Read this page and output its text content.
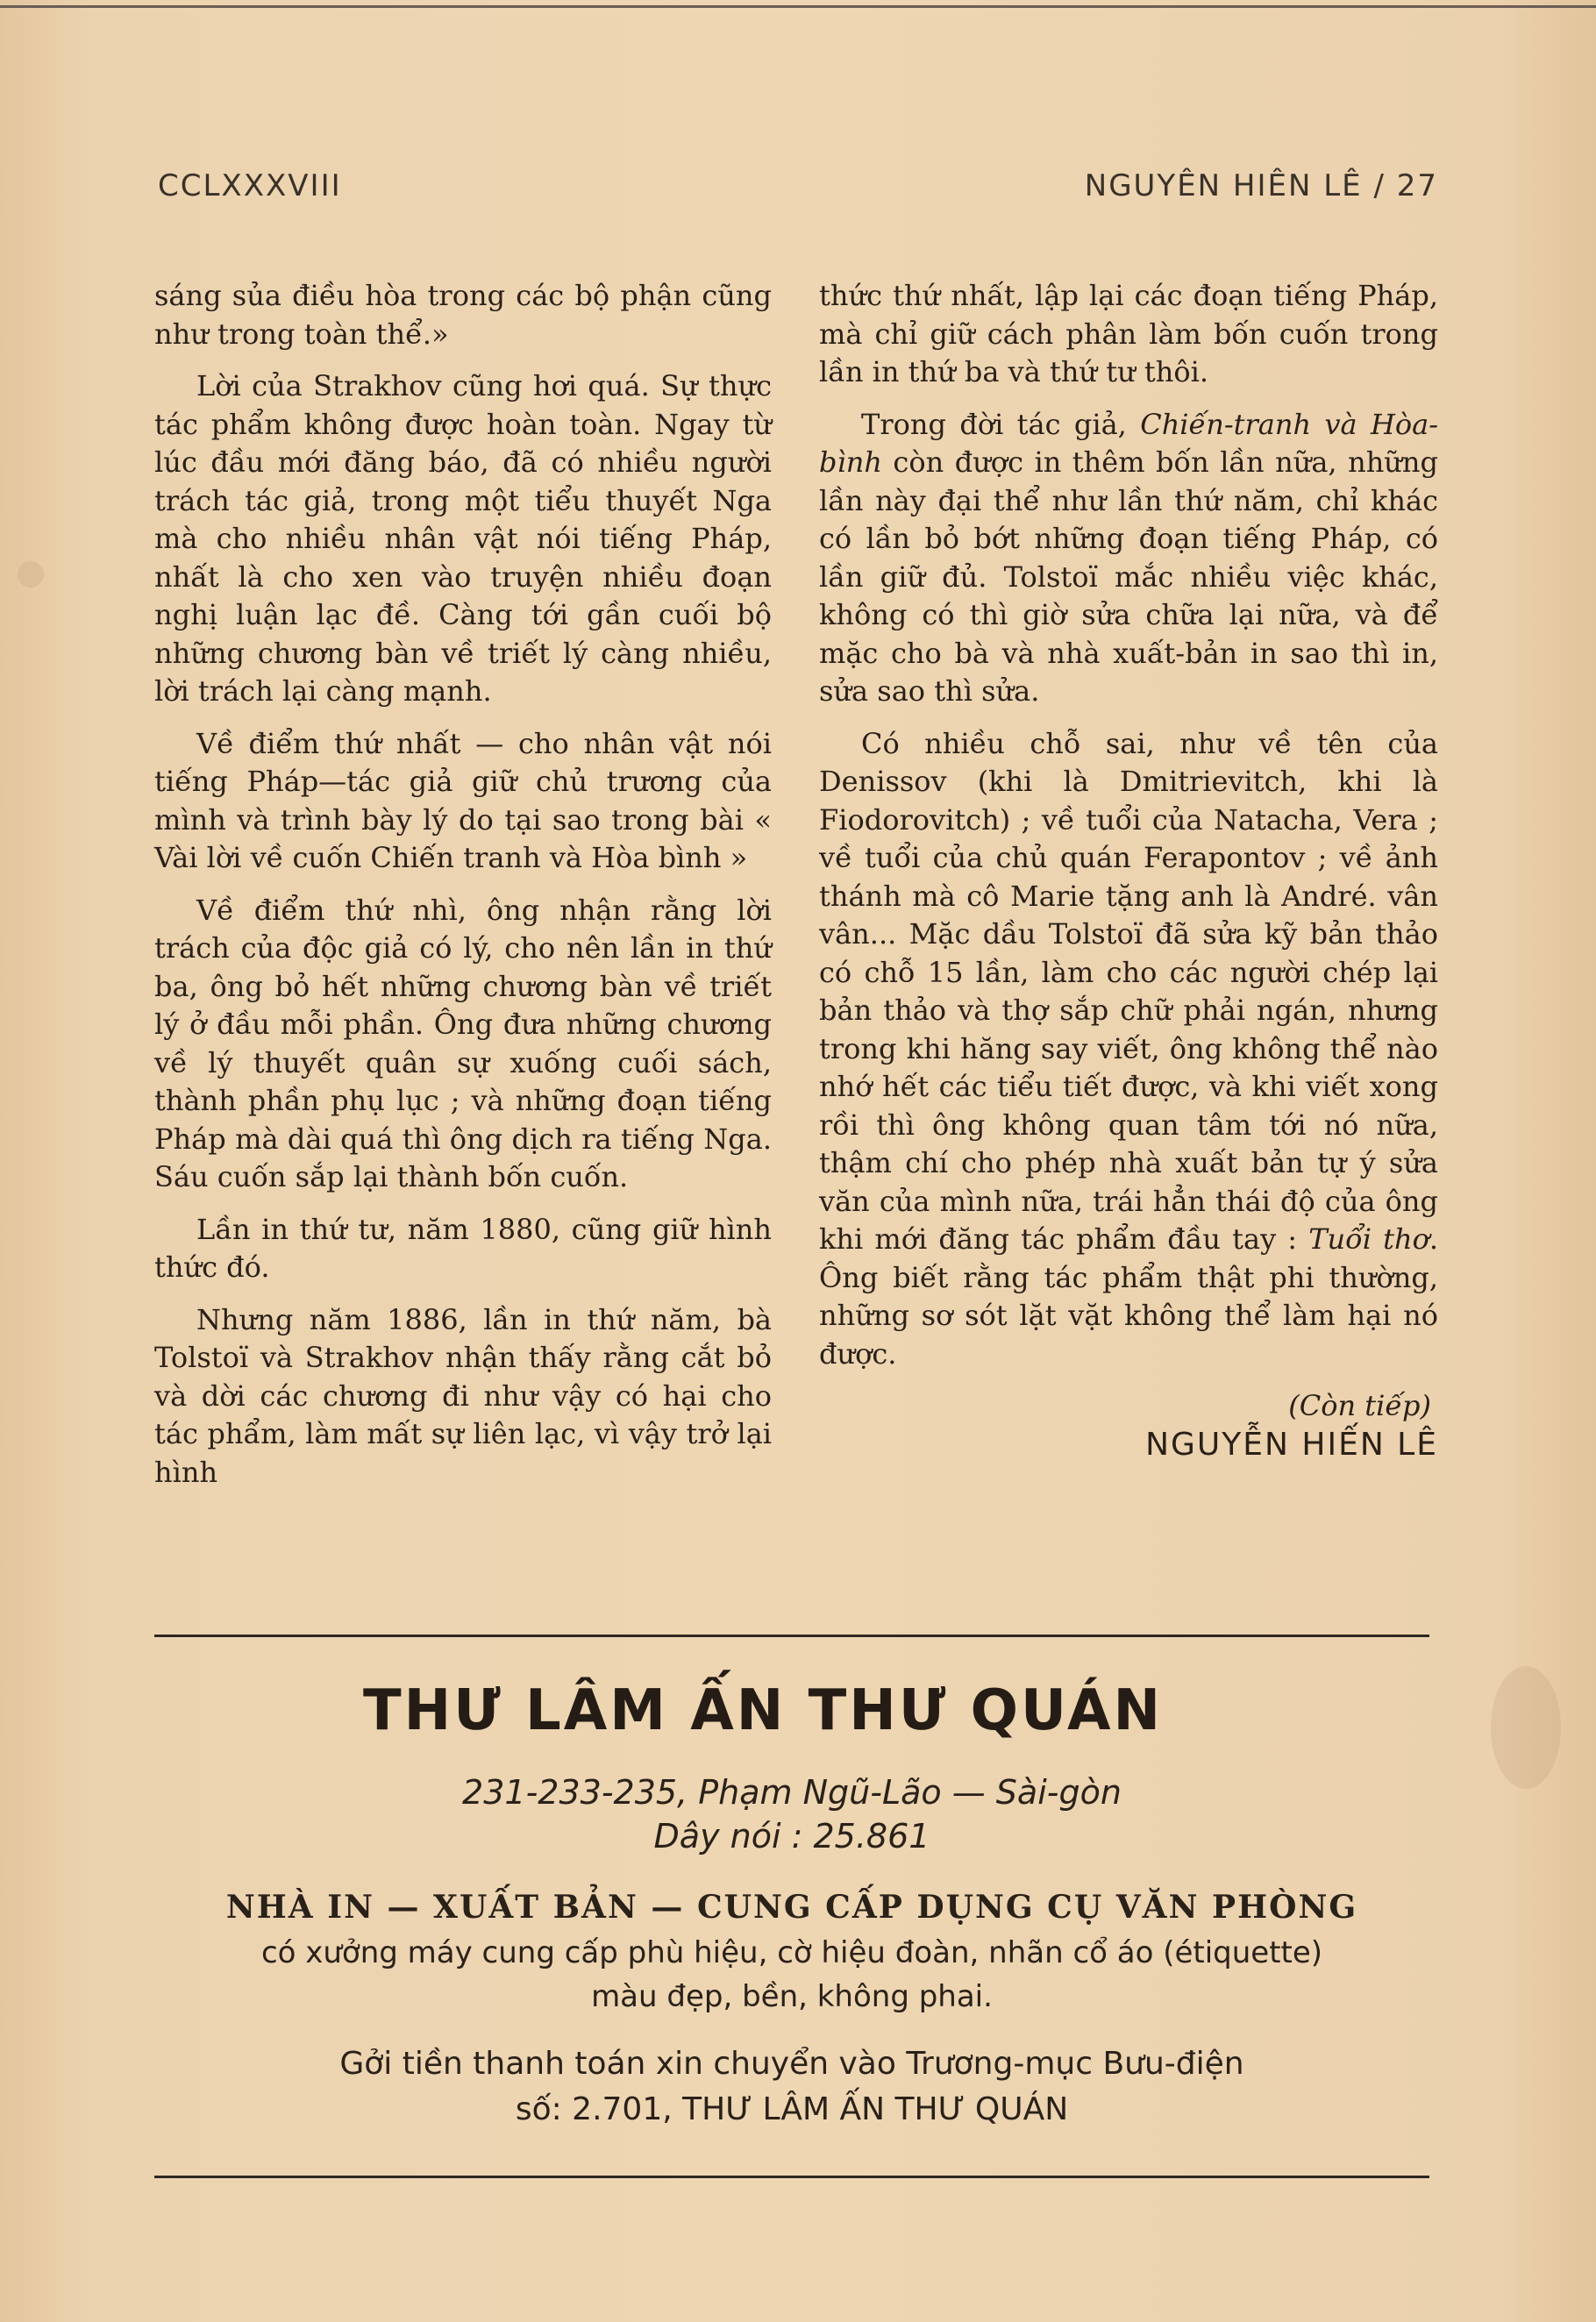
CCLXXXVIII	NGUYÊN HIÊN LÊ / 27

sáng sủa điều hòa trong các bộ phận cũng như trong toàn thể.»

Lời của Strakhov cũng hơi quá. Sự thực tác phẩm không được hoàn toàn. Ngay từ lúc đầu mới đăng báo, đã có nhiều người trách tác giả, trong một tiểu thuyết Nga mà cho nhiều nhân vật nói tiếng Pháp, nhất là cho xen vào truyện nhiều đoạn nghị luận lạc đề. Càng tới gần cuối bộ những chương bàn về triết lý càng nhiều, lời trách lại càng mạnh.

Về điểm thứ nhất — cho nhân vật nói tiếng Pháp—tác giả giữ chủ trương của mình và trình bày lý do tại sao trong bài « Vài lời về cuốn Chiến tranh và Hòa bình »

Về điểm thứ nhì, ông nhận rằng lời trách của độc giả có lý, cho nên lần in thứ ba, ông bỏ hết những chương bàn về triết lý ở đầu mỗi phần. Ông đưa những chương về lý thuyết quân sự xuống cuối sách, thành phần phụ lục ; và những đoạn tiếng Pháp mà dài quá thì ông dịch ra tiếng Nga. Sáu cuốn sắp lại thành bốn cuốn.

Lần in thứ tư, năm 1880, cũng giữ hình thức đó.

Nhưng năm 1886, lần in thứ năm, bà Tolstoï và Strakhov nhận thấy rằng cắt bỏ và dời các chương đi như vậy có hại cho tác phẩm, làm mất sự liên lạc, vì vậy trở lại hình

thức thứ nhất, lập lại các đoạn tiếng Pháp, mà chỉ giữ cách phân làm bốn cuốn trong lần in thứ ba và thứ tư thôi.

Trong đời tác giả, Chiến-tranh và Hòa-bình còn được in thêm bốn lần nữa, những lần này đại thể như lần thứ năm, chỉ khác có lần bỏ bớt những đoạn tiếng Pháp, có lần giữ đủ. Tolstoï mắc nhiều việc khác, không có thì giờ sửa chữa lại nữa, và để mặc cho bà và nhà xuất-bản in sao thì in, sửa sao thì sửa.

Có nhiều chỗ sai, như về tên của Denissov (khi là Dmitrievitch, khi là Fiodorovitch) ; về tuổi của Natacha, Vera ; về tuổi của chủ quán Ferapontov ; về ảnh thánh mà cô Marie tặng anh là André. vân vân... Mặc dầu Tolstoï đã sửa kỹ bản thảo có chỗ 15 lần, làm cho các người chép lại bản thảo và thợ sắp chữ phải ngán, nhưng trong khi hăng say viết, ông không thể nào nhớ hết các tiểu tiết được, và khi viết xong rồi thì ông không quan tâm tới nó nữa, thậm chí cho phép nhà xuất bản tự ý sửa văn của mình nữa, trái hẳn thái độ của ông khi mới đăng tác phẩm đầu tay : Tuổi thơ. Ông biết rằng tác phẩm thật phi thường, những sơ sót lặt vặt không thể làm hại nó được.

(Còn tiếp)

NGUYỄN HIẾN LÊ

THƯ LÂM ẤN THƯ QUÁN
231-233-235, Phạm Ngũ-Lão — Sài-gòn
Dây nói : 25.861
NHÀ IN — XUẤT BẢN — CUNG CẤP DỤNG CỤ VĂN PHÒNG
có xưởng máy cung cấp phù hiệu, cờ hiệu đoàn, nhãn cổ áo (étiquette)
màu đẹp, bền, không phai.
Gởi tiền thanh toán xin chuyển vào Trương-mục Bưu-điện
số: 2.701, THƯ LÂM ẤN THƯ QUÁN
